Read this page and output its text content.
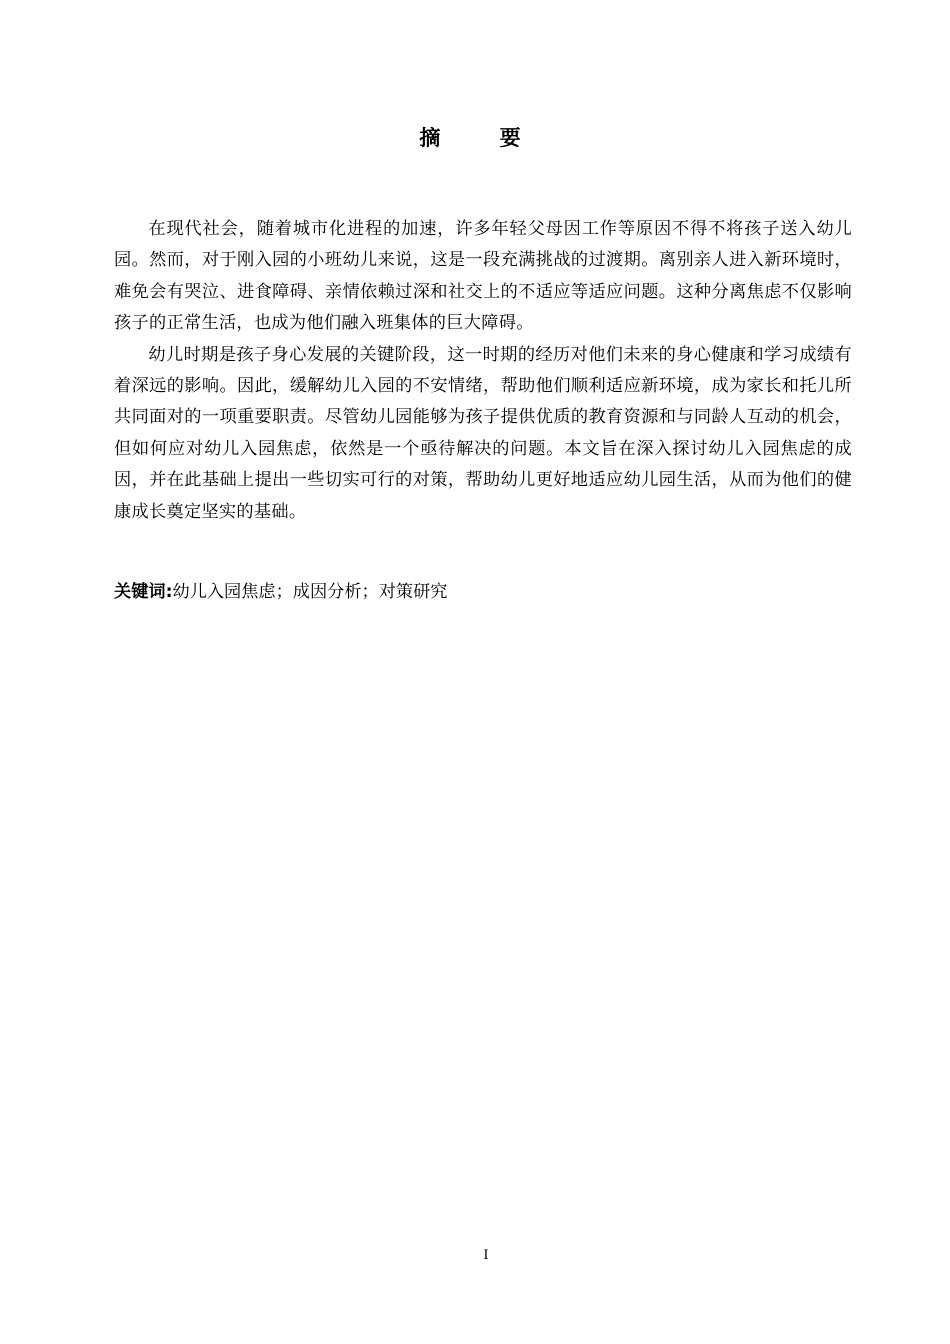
摘 要

在现代社会，随着城市化进程的加速，许多年轻父母因工作等原因不得不将孩子送入幼儿园。然而，对于刚入园的小班幼儿来说，这是一段充满挑战的过渡期。离别亲人进入新环境时，难免会有哭泣、进食障碍、亲情依赖过深和社交上的不适应等适应问题。这种分离焦虑不仅影响孩子的正常生活，也成为他们融入班集体的巨大障碍。

幼儿时期是孩子身心发展的关键阶段，这一时期的经历对他们未来的身心健康和学习成绩有着深远的影响。因此，缓解幼儿入园的不安情绪，帮助他们顺利适应新环境，成为家长和托儿所共同面对的一项重要职责。尽管幼儿园能够为孩子提供优质的教育资源和与同龄人互动的机会，但如何应对幼儿入园焦虑，依然是一个亟待解决的问题。本文旨在深入探讨幼儿入园焦虑的成因，并在此基础上提出一些切实可行的对策，帮助幼儿更好地适应幼儿园生活，从而为他们的健康成长奠定坚实的基础。

关键词:幼儿入园焦虑；成因分析；对策研究

I
